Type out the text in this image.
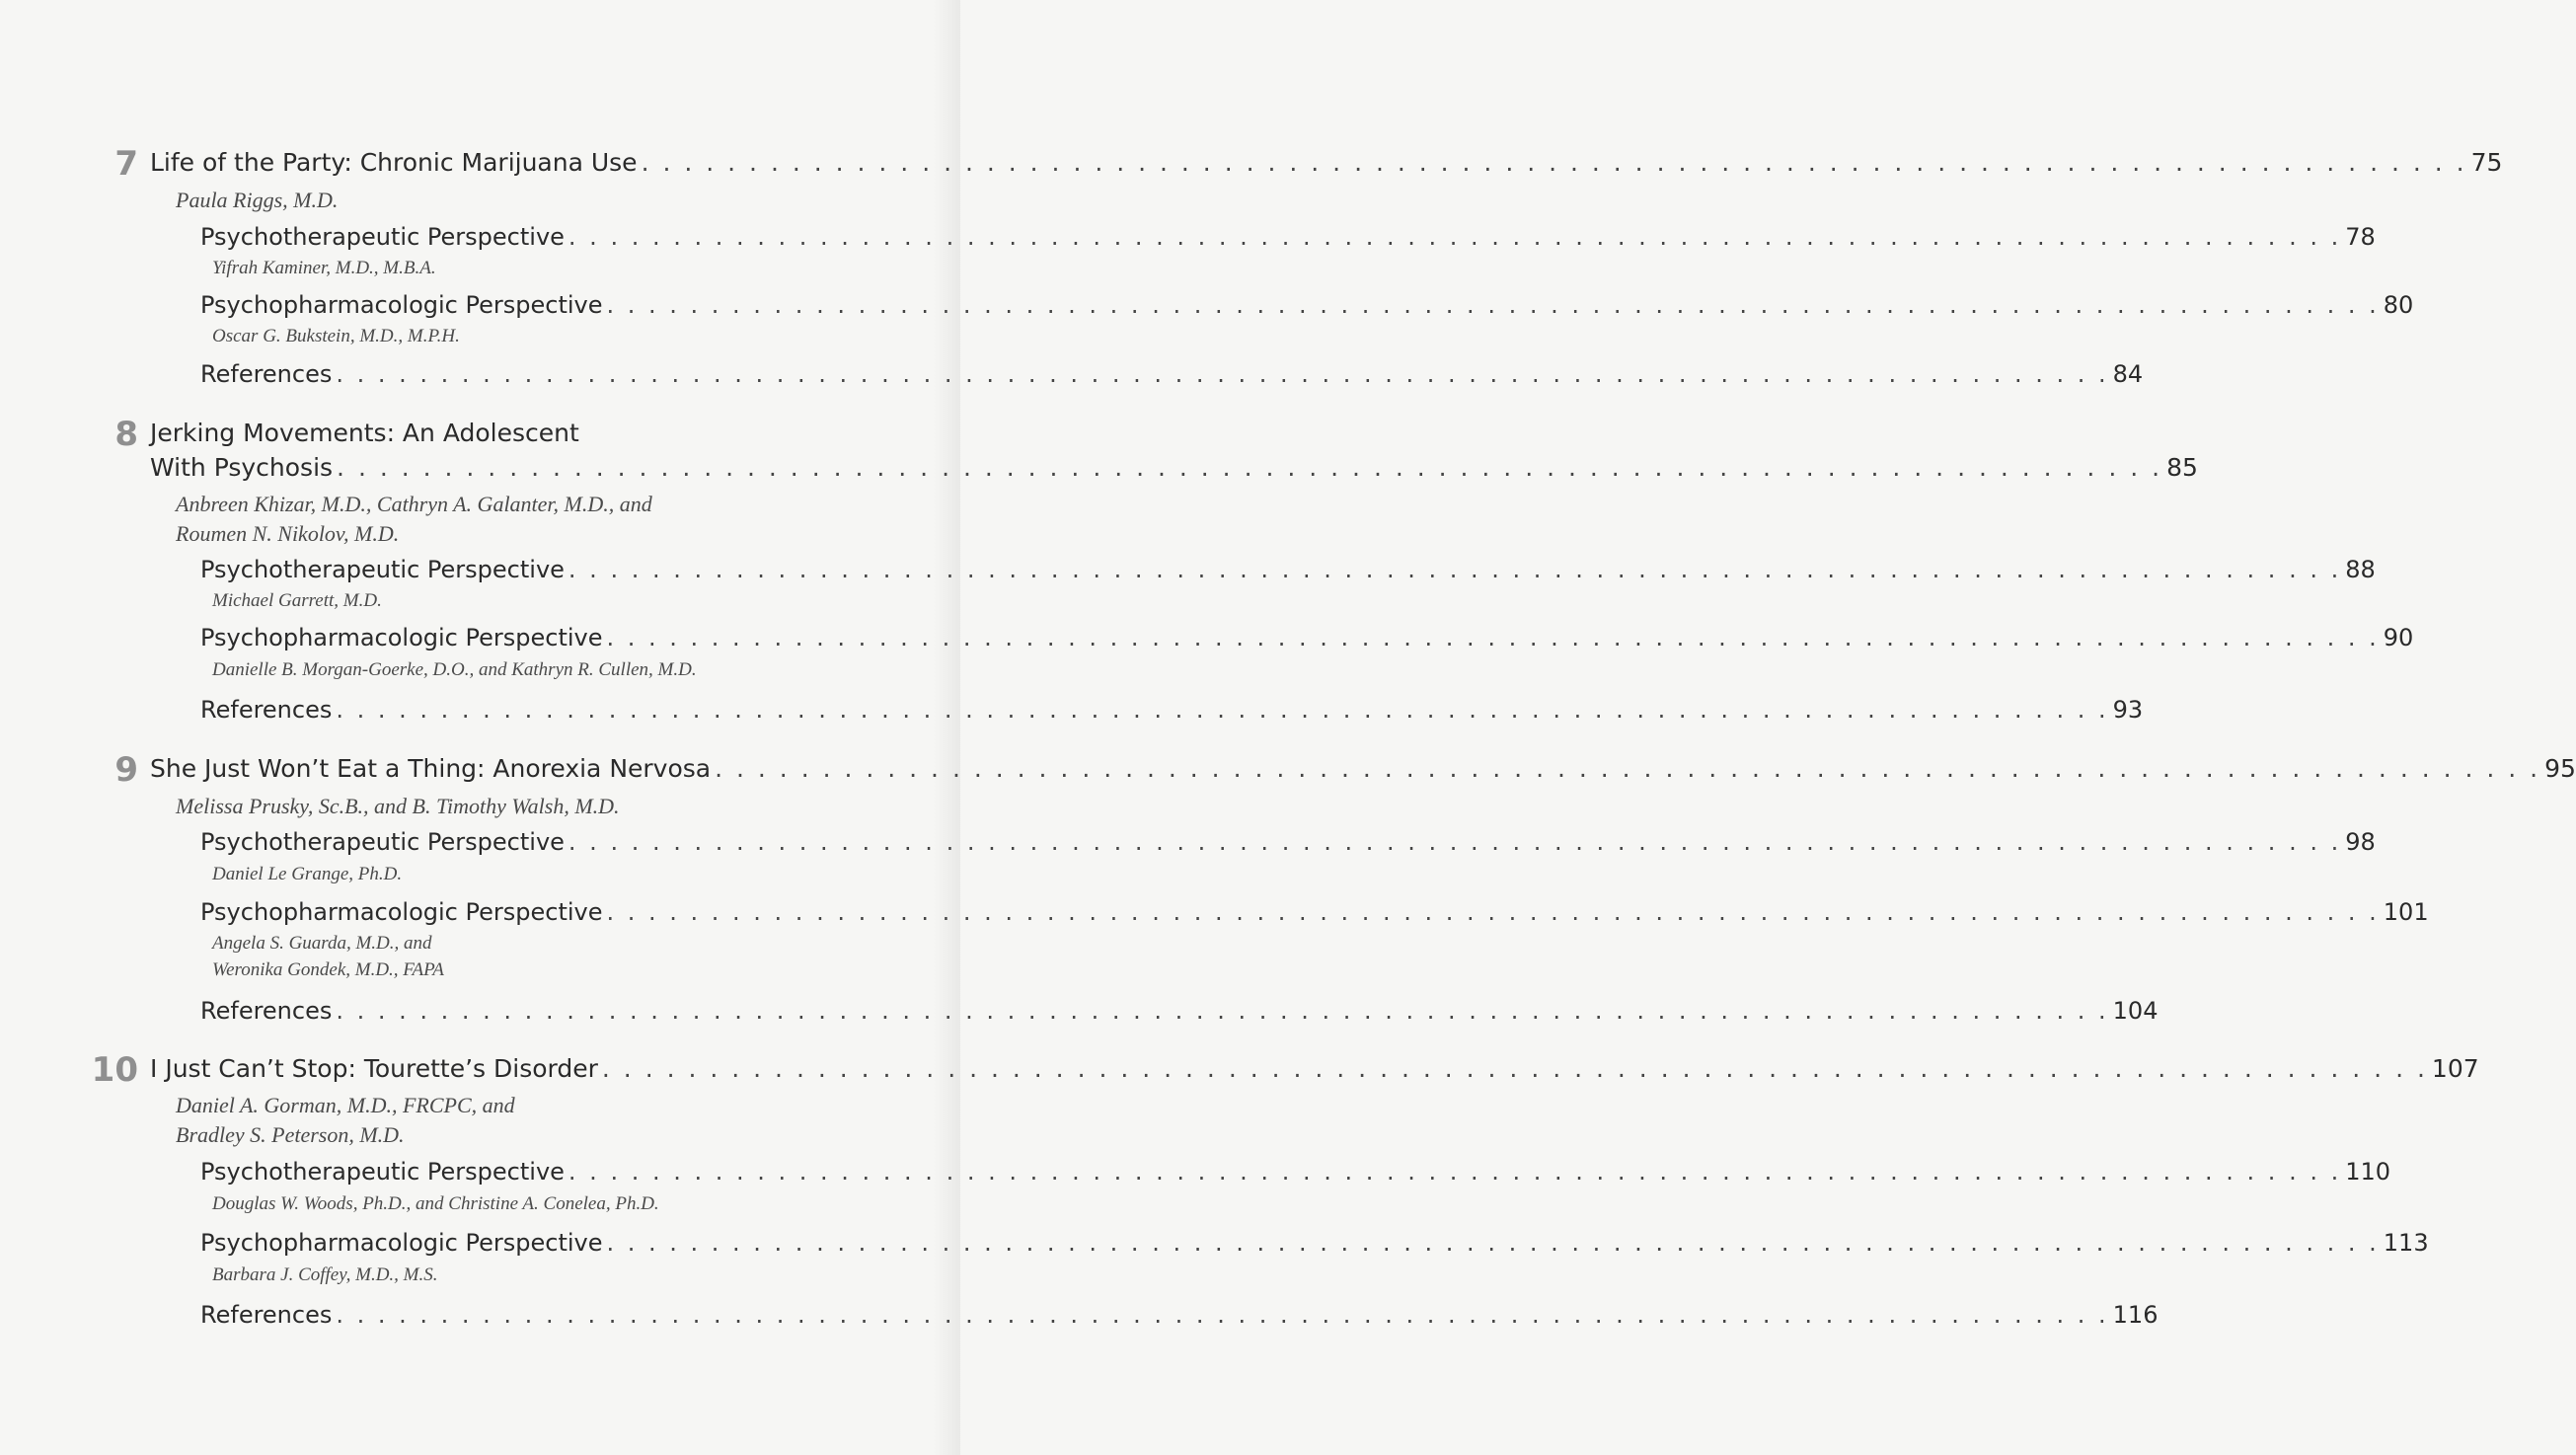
7 Life of the Party: Chronic Marijuana Use . . . . . . . . . . . . . . . . . . . . . . . . . . . . . . . . . . . . . . . . . . . . . . . . . . . . . . . . . . . . . . . . . . . . . . . . . . . . . . . . . . . . . 75
Paula Riggs, M.D.
Psychotherapeutic Perspective . . . . . . . . . . . . . . . . . . . . . . . . . . . . . . . . . . . . . . . . . . . . . . . . . . . . . . . . . . . . . . . . . . . . . . . . . . . . . . . . . . . . . 78
Yifrah Kaminer, M.D., M.B.A.
Psychopharmacologic Perspective . . . . . . . . . . . . . . . . . . . . . . . . . . . . . . . . . . . . . . . . . . . . . . . . . . . . . . . . . . . . . . . . . . . . . . . . . . . . . . . . . . . . . 80
Oscar G. Bukstein, M.D., M.P.H.
References . . . . . . . . . . . . . . . . . . . . . . . . . . . . . . . . . . . . . . . . . . . . . . . . . . . . . . . . . . . . . . . . . . . . . . . . . . . . . . . . . . . . . 84
8 Jerking Movements: An Adolescent
With Psychosis . . . . . . . . . . . . . . . . . . . . . . . . . . . . . . . . . . . . . . . . . . . . . . . . . . . . . . . . . . . . . . . . . . . . . . . . . . . . . . . . . . . . . 85
Anbreen Khizar, M.D., Cathryn A. Galanter, M.D., and
Roumen N. Nikolov, M.D.
Psychotherapeutic Perspective . . . . . . . . . . . . . . . . . . . . . . . . . . . . . . . . . . . . . . . . . . . . . . . . . . . . . . . . . . . . . . . . . . . . . . . . . . . . . . . . . . . . . 88
Michael Garrett, M.D.
Psychopharmacologic Perspective . . . . . . . . . . . . . . . . . . . . . . . . . . . . . . . . . . . . . . . . . . . . . . . . . . . . . . . . . . . . . . . . . . . . . . . . . . . . . . . . . . . . . 90
Danielle B. Morgan-Goerke, D.O., and Kathryn R. Cullen, M.D.
References . . . . . . . . . . . . . . . . . . . . . . . . . . . . . . . . . . . . . . . . . . . . . . . . . . . . . . . . . . . . . . . . . . . . . . . . . . . . . . . . . . . . . 93
9 She Just Won’t Eat a Thing: Anorexia Nervosa . . . . . . . . . . . . . . . . . . . . . . . . . . . . . . . . . . . . . . . . . . . . . . . . . . . . . . . . . . . . . . . . . . . . . . . . . . . . . . . . . . . . . 95
Melissa Prusky, Sc.B., and B. Timothy Walsh, M.D.
Psychotherapeutic Perspective . . . . . . . . . . . . . . . . . . . . . . . . . . . . . . . . . . . . . . . . . . . . . . . . . . . . . . . . . . . . . . . . . . . . . . . . . . . . . . . . . . . . . 98
Daniel Le Grange, Ph.D.
Psychopharmacologic Perspective . . . . . . . . . . . . . . . . . . . . . . . . . . . . . . . . . . . . . . . . . . . . . . . . . . . . . . . . . . . . . . . . . . . . . . . . . . . . . . . . . . . . . 101
Angela S. Guarda, M.D., and
Weronika Gondek, M.D., FAPA
References . . . . . . . . . . . . . . . . . . . . . . . . . . . . . . . . . . . . . . . . . . . . . . . . . . . . . . . . . . . . . . . . . . . . . . . . . . . . . . . . . . . . . 104
10 I Just Can’t Stop: Tourette’s Disorder . . . . . . . . . . . . . . . . . . . . . . . . . . . . . . . . . . . . . . . . . . . . . . . . . . . . . . . . . . . . . . . . . . . . . . . . . . . . . . . . . . . . . 107
Daniel A. Gorman, M.D., FRCPC, and
Bradley S. Peterson, M.D.
Psychotherapeutic Perspective . . . . . . . . . . . . . . . . . . . . . . . . . . . . . . . . . . . . . . . . . . . . . . . . . . . . . . . . . . . . . . . . . . . . . . . . . . . . . . . . . . . . . 110
Douglas W. Woods, Ph.D., and Christine A. Conelea, Ph.D.
Psychopharmacologic Perspective . . . . . . . . . . . . . . . . . . . . . . . . . . . . . . . . . . . . . . . . . . . . . . . . . . . . . . . . . . . . . . . . . . . . . . . . . . . . . . . . . . . . . 113
Barbara J. Coffey, M.D., M.S.
References . . . . . . . . . . . . . . . . . . . . . . . . . . . . . . . . . . . . . . . . . . . . . . . . . . . . . . . . . . . . . . . . . . . . . . . . . . . . . . . . . . . . . 116
